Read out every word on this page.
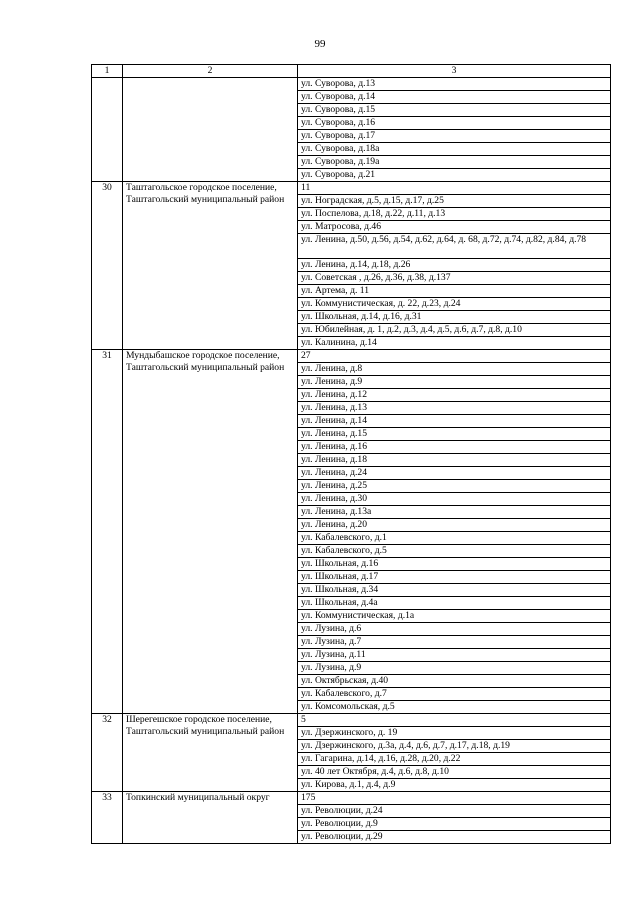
99
1	2	3
		ул. Суворова, д.13
		ул. Суворова, д.14
		ул. Суворова, д.15
		ул. Суворова, д.16
		ул. Суворова, д.17
		ул. Суворова, д.18а
		ул. Суворова, д.19а
		ул. Суворова, д.21
30	Таштагольское городское поселение, Таштагольский муниципальный район	11
		ул. Ноградская, д.5, д.15, д.17, д.25
		ул. Поспелова, д.18, д.22, д.11, д.13
		ул. Матросова, д.46
		ул. Ленина, д.50, д.56, д.54, д.62, д.64, д. 68, д.72, д.74, д.82, д.84, д.78
		ул. Ленина, д.14, д.18, д.26
		ул. Советская , д.26, д.36, д.38, д.137
		ул. Артема, д. 11
		ул. Коммунистическая, д. 22, д.23, д.24
		ул. Школьная, д.14, д.16, д.31
		ул. Юбилейная, д. 1, д.2, д.3, д.4, д.5, д.6, д.7, д.8, д.10
		ул. Калинина, д.14
31	Мундыбашское городское поселение, Таштагольский муниципальный район	27
		ул. Ленина, д.8
		ул. Ленина, д.9
		ул. Ленина, д.12
		ул. Ленина, д.13
		ул. Ленина, д.14
		ул. Ленина, д.15
		ул. Ленина, д.16
		ул. Ленина, д.18
		ул. Ленина, д.24
		ул. Ленина, д.25
		ул. Ленина, д.30
		ул. Ленина, д.13а
		ул. Ленина, д.20
		ул. Кабалевского, д.1
		ул. Кабалевского, д.5
		ул. Школьная, д.16
		ул. Школьная, д.17
		ул. Школьная, д.34
		ул. Школьная, д.4а
		ул. Коммунистическая, д.1а
		ул. Лузина, д.6
		ул. Лузина, д.7
		ул. Лузина, д.11
		ул. Лузина, д.9
		ул. Октябрьская, д.40
		ул. Кабалевского, д.7
		ул. Комсомольская, д.5
32	Шерегешское городское поселение, Таштагольский муниципальный район	5
		ул. Дзержинского, д. 19
		ул. Дзержинского, д.3а, д.4, д.6, д.7, д.17, д.18, д.19
		ул. Гагарина, д.14, д.16, д.28, д.20, д.22
		ул. 40 лет Октября, д.4, д.6, д.8, д.10
		ул. Кирова, д.1, д.4, д.9
33	Топкинский муниципальный округ	175
		ул. Революции, д.24
		ул. Революции, д.9
		ул. Революции, д.29
